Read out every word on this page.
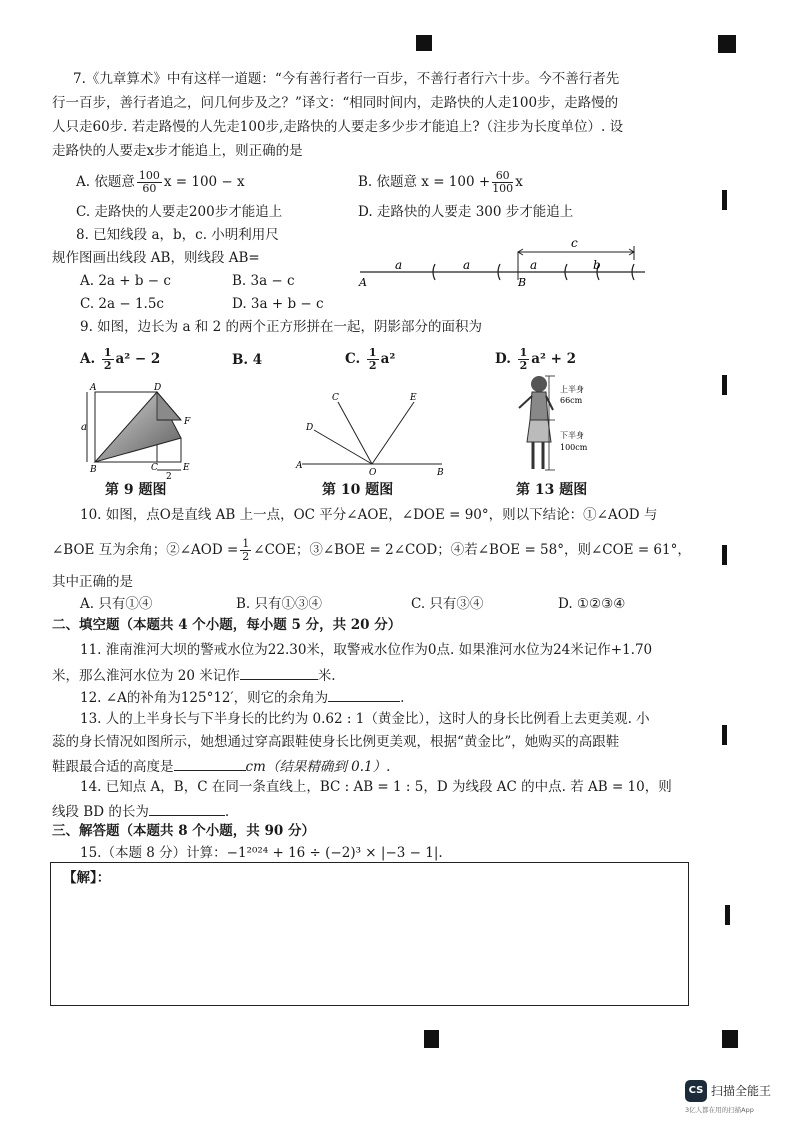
7.《九章算术》中有这样一道题：“今有善行者行一百步，不善行者行六十步。今不善行者先
行一百步，善行者追之，问几何步及之？”译文：“相同时间内，走路快的人走100步，走路慢的
人只走60步. 若走路慢的人先走100步,走路快的人要走多少步才能追上?（注步为长度单位）. 设
走路快的人要走x步才能追上，则正确的是
A. 依题意 $\frac{100}{60}$ x = 100 − x	B. 依题意 $x = 100 + \frac{60}{100}$ x
C. 走路快的人要走200步才能追上	D. 走路快的人要走 300 步才能追上
8. 已知线段 a，b，c. 小明利用尺
规作图画出线段 AB，则线段 AB=
A. 2a + b − c	B. 3a − c
C. 2a − 1.5c	D. 3a + b − c
c
a	a	a	b
A	B
9. 如图，边长为 a 和 2 的两个正方形拼在一起，阴影部分的面积为
A. $\frac{1}{2} a^2 - 2$	B. 4	C. $\frac{1}{2} a^2$	D. $\frac{1}{2} a^2 + 2$
A	D
F
B	C	E
a
2
第 9 题图
C	E
D
A
O	B
第 10 题图
上半身
66cm
下半身
100cm
第 13 题图
10. 如图，点O是直线 AB 上一点，OC 平分∠AOE，∠DOE = 90°，则以下结论：①∠AOD 与
∠BOE 互为余角；②∠AOD = $\frac{1}{2}$ ∠COE；③∠BOE = 2∠COD；④若∠BOE = 58°，则∠COE = 61°，
其中正确的是
A. 只有①④	B. 只有①③④	C. 只有③④	D. ①②③④
二、填空题（本题共 4 个小题，每小题 5 分，共 20 分）
11. 淮南淮河大坝的警戒水位为22.30米，取警戒水位作为0点. 如果淮河水位为24米记作+1.70
米，那么淮河水位为 20 米记作	米.
12. ∠A的补角为125°12′，则它的余角为	.
13. 人的上半身长与下半身长的比约为 0.62 : 1（黄金比），这时人的身长比例看上去更美观. 小
蕊的身长情况如图所示，她想通过穿高跟鞋使身长比例更美观，根据“黄金比”，她购买的高跟鞋
鞋跟最合适的高度是	cm（结果精确到 0.1）.
14. 已知点 A，B，C 在同一条直线上，BC : AB = 1 : 5，D 为线段 AC 的中点. 若 AB = 10，则
线段 BD 的长为	.
三、解答题（本题共 8 个小题，共 90 分）
15.（本题 8 分）计算：−1²⁰²⁴ + 16 ÷ (−2)³ × |−3 − 1|.
【解】：
CS 扫描全能王
3亿人都在用的扫描App
